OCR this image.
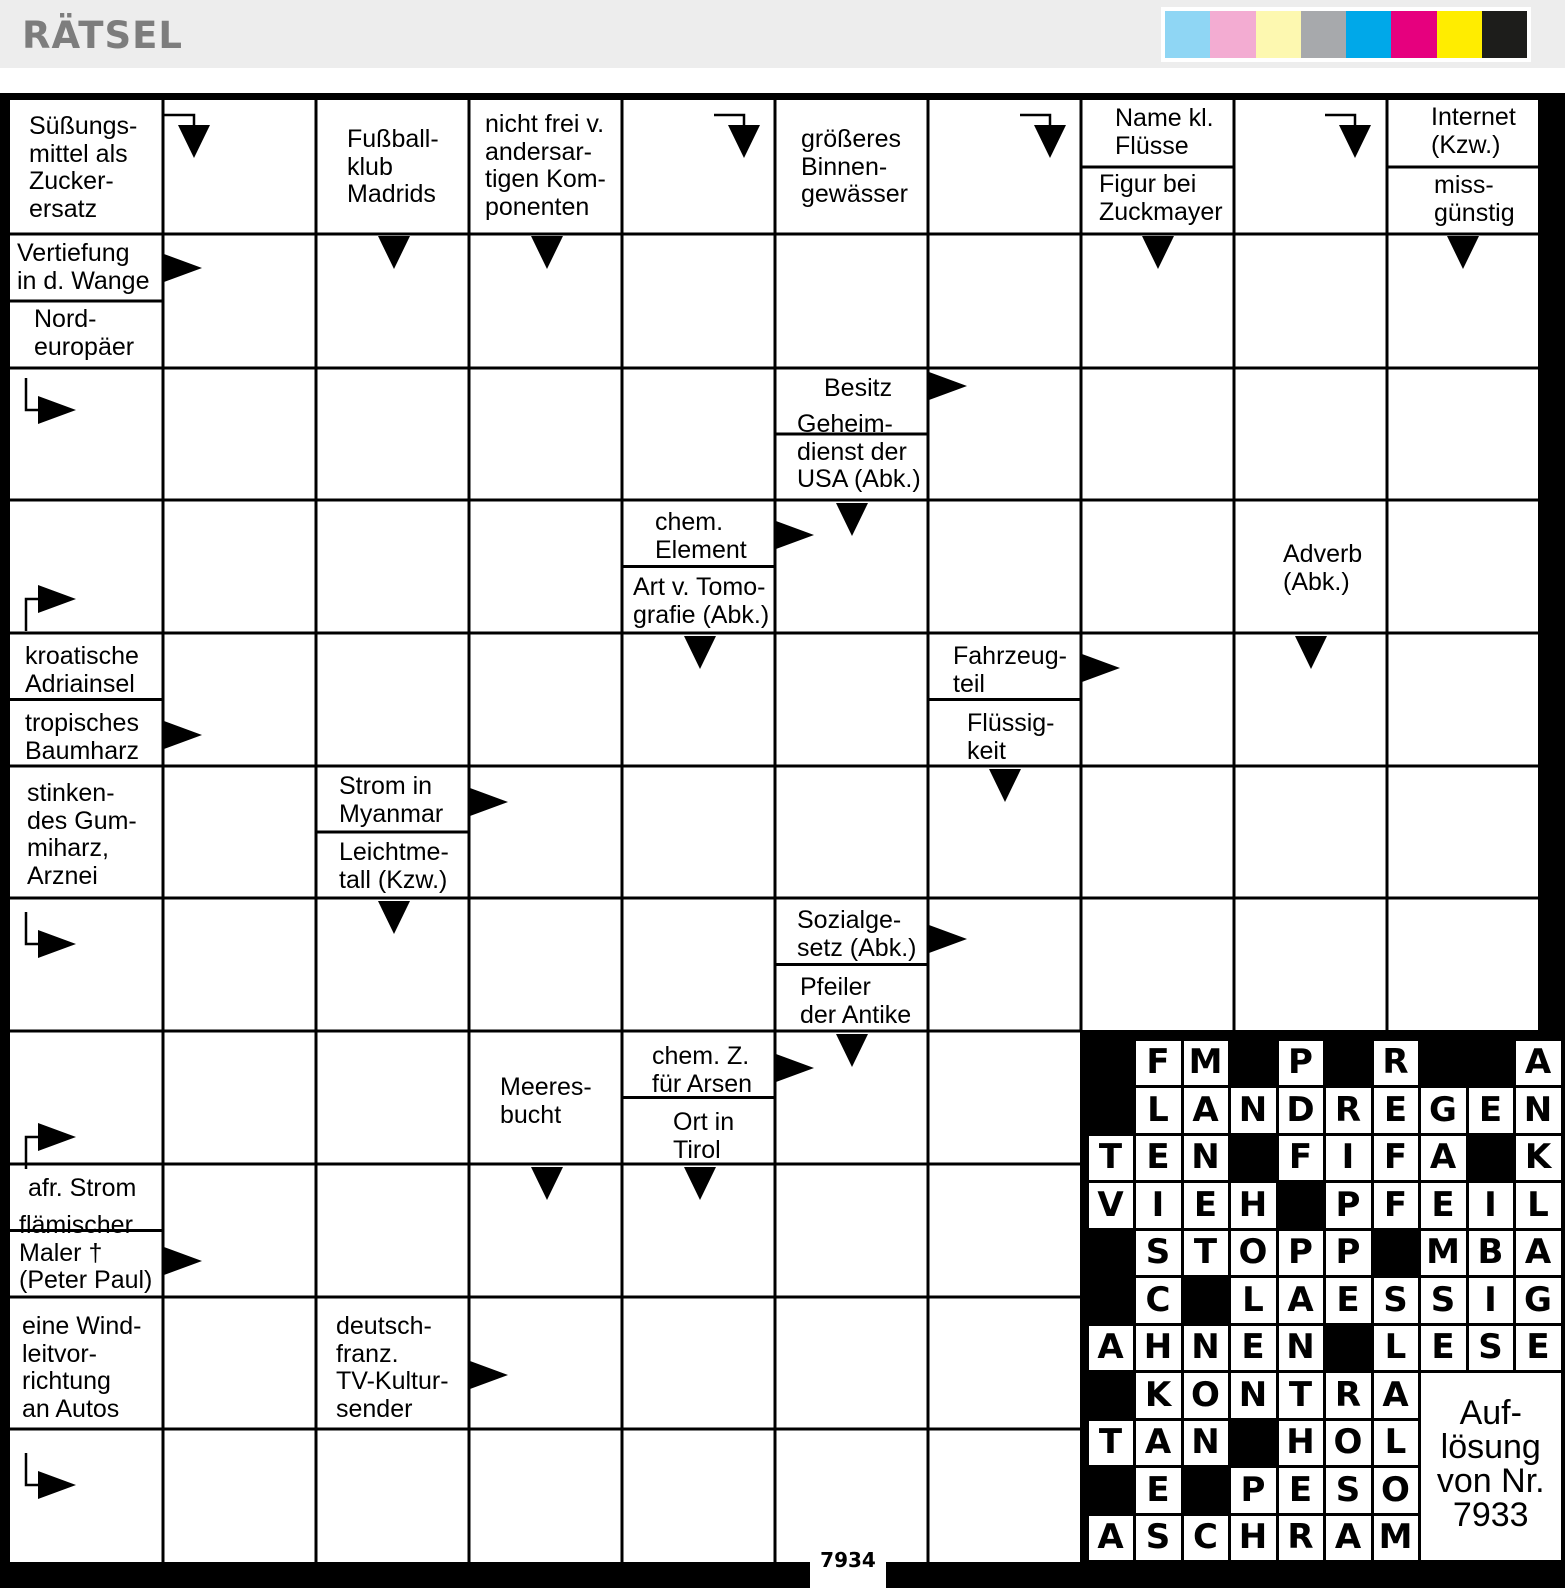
RÄTSEL
Süßungs-
mittel als
Zucker-
ersatz
Fußball-
klub
Madrids
nicht frei v.
andersar-
tigen Kom-
ponenten
größeres
Binnen-
gewässer
Name kl.
Flüsse
Figur bei
Zuckmayer
Internet
(Kzw.)
miss-
günstig
Vertiefung
in d. Wange
Nord-
europäer
Besitz
Geheim-
dienst der
USA (Abk.)
chem.
Element
Art v. Tomo-
grafie (Abk.)
Adverb
(Abk.)
kroatische
Adriainsel
tropisches
Baumharz
Fahrzeug-
teil
Flüssig-
keit
stinken-
des Gum-
miharz,
Arznei
Strom in
Myanmar
Leichtme-
tall (Kzw.)
Sozialge-
setz (Abk.)
Pfeiler
der Antike
Meeres-
bucht
chem. Z.
für Arsen
Ort in
Tirol
afr. Strom
flämischer
Maler †
(Peter Paul)
eine Wind-
leitvor-
richtung
an Autos
deutsch-
franz.
TV-Kultur-
sender
F M	P	R	A
L A N D R E G E N
T E N	F I F A	K
V I E H	P F E I L
S T O P P	M B A
C	L A E S S I G
A H N E N	L E S E
K O N T R A
T A N H O L
E	P E S O
A S C H R A M
Auf-
lösung
von Nr.
7933
7934
